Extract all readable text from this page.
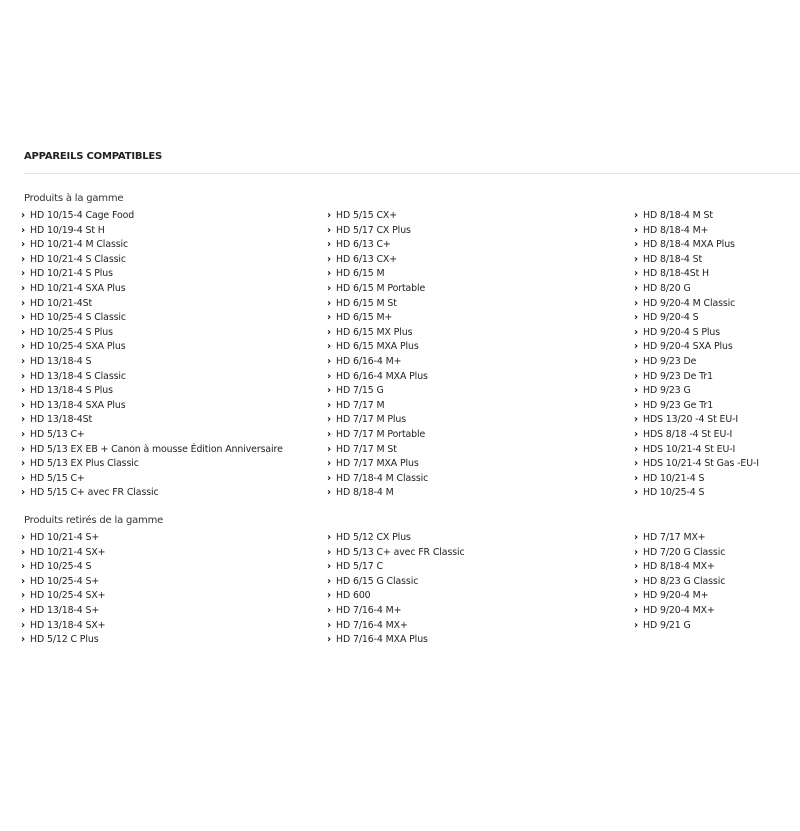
APPAREILS COMPATIBLES
Produits à la gamme
› HD 10/15-4 Cage Food
› HD 10/19-4 St H
› HD 10/21-4 M Classic
› HD 10/21-4 S Classic
› HD 10/21-4 S Plus
› HD 10/21-4 SXA Plus
› HD 10/21-4St
› HD 10/25-4 S Classic
› HD 10/25-4 S Plus
› HD 10/25-4 SXA Plus
› HD 13/18-4 S
› HD 13/18-4 S Classic
› HD 13/18-4 S Plus
› HD 13/18-4 SXA Plus
› HD 13/18-4St
› HD 5/13 C+
› HD 5/13 EX EB + Canon à mousse Édition Anniversaire
› HD 5/13 EX Plus Classic
› HD 5/15 C+
› HD 5/15 C+ avec FR Classic
› HD 5/15 CX+
› HD 5/17 CX Plus
› HD 6/13 C+
› HD 6/13 CX+
› HD 6/15 M
› HD 6/15 M Portable
› HD 6/15 M St
› HD 6/15 M+
› HD 6/15 MX Plus
› HD 6/15 MXA Plus
› HD 6/16-4 M+
› HD 6/16-4 MXA Plus
› HD 7/15 G
› HD 7/17 M
› HD 7/17 M Plus
› HD 7/17 M Portable
› HD 7/17 M St
› HD 7/17 MXA Plus
› HD 7/18-4 M Classic
› HD 8/18-4 M
› HD 8/18-4 M St
› HD 8/18-4 M+
› HD 8/18-4 MXA Plus
› HD 8/18-4 St
› HD 8/18-4St H
› HD 8/20 G
› HD 9/20-4 M Classic
› HD 9/20-4 S
› HD 9/20-4 S Plus
› HD 9/20-4 SXA Plus
› HD 9/23 De
› HD 9/23 De Tr1
› HD 9/23 G
› HD 9/23 Ge Tr1
› HDS 13/20 -4 St EU-I
› HDS 8/18 -4 St EU-I
› HDS 10/21-4 St EU-I
› HDS 10/21-4 St Gas -EU-I
› HD 10/21-4 S
› HD 10/25-4 S
Produits retirés de la gamme
› HD 10/21-4 S+
› HD 10/21-4 SX+
› HD 10/25-4 S
› HD 10/25-4 S+
› HD 10/25-4 SX+
› HD 13/18-4 S+
› HD 13/18-4 SX+
› HD 5/12 C Plus
› HD 5/12 CX Plus
› HD 5/13 C+ avec FR Classic
› HD 5/17 C
› HD 6/15 G Classic
› HD 600
› HD 7/16-4 M+
› HD 7/16-4 MX+
› HD 7/16-4 MXA Plus
› HD 7/17 MX+
› HD 7/20 G Classic
› HD 8/18-4 MX+
› HD 8/23 G Classic
› HD 9/20-4 M+
› HD 9/20-4 MX+
› HD 9/21 G
